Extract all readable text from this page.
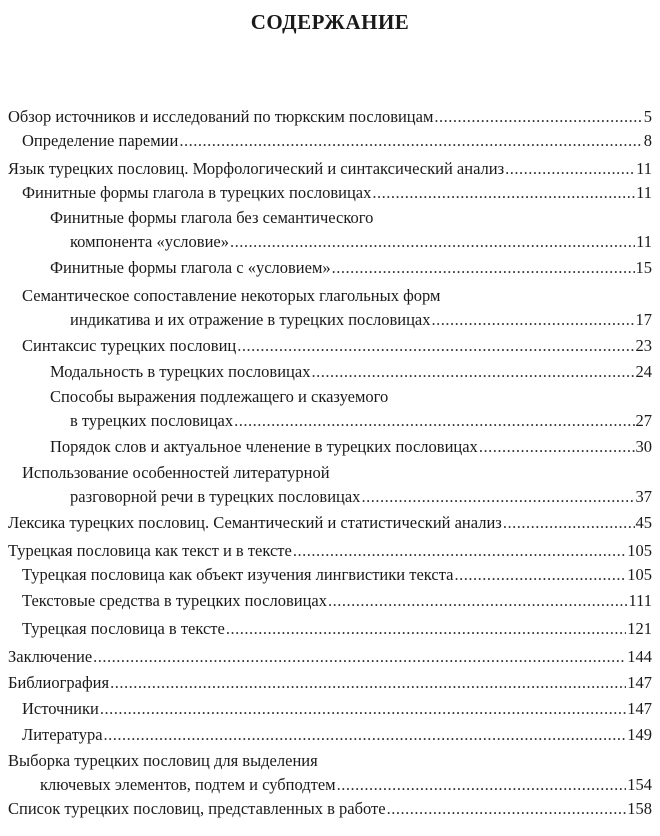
СОДЕРЖАНИЕ
Обзор источников и исследований по тюркским пословицам .....	5
Определение паремии .....	8
Язык турецких пословиц. Морфологический и синтаксический анализ .....	11
Финитные формы глагола в турецких пословицах .....	11
Финитные формы глагола без семантического
компонента «условие» .....	11
Финитные формы глагола с «условием» .....	15
Семантическое сопоставление некоторых глагольных форм
индикатива и их отражение в турецких пословицах .....	17
Синтаксис турецких пословиц .....	23
Модальность в турецких пословицах .....	24
Способы выражения подлежащего и сказуемого
в турецких пословицах .....	27
Порядок слов и актуальное членение в турецких пословицах .....	30
Использование особенностей литературной
разговорной речи в турецких пословицах .....	37
Лексика турецких пословиц. Семантический и статистический анализ .....	45
Турецкая пословица как текст и в тексте .....	105
Турецкая пословица как объект изучения лингвистики текста .....	105
Текстовые средства в турецких пословицах .....	111
Турецкая пословица в тексте .....	121
Заключение .....	144
Библиография .....	147
Источники .....	147
Литература .....	149
Выборка турецких пословиц для выделения
ключевых элементов, подтем и субподтем .....	154
Список турецких пословиц, представленных в работе .....	158
